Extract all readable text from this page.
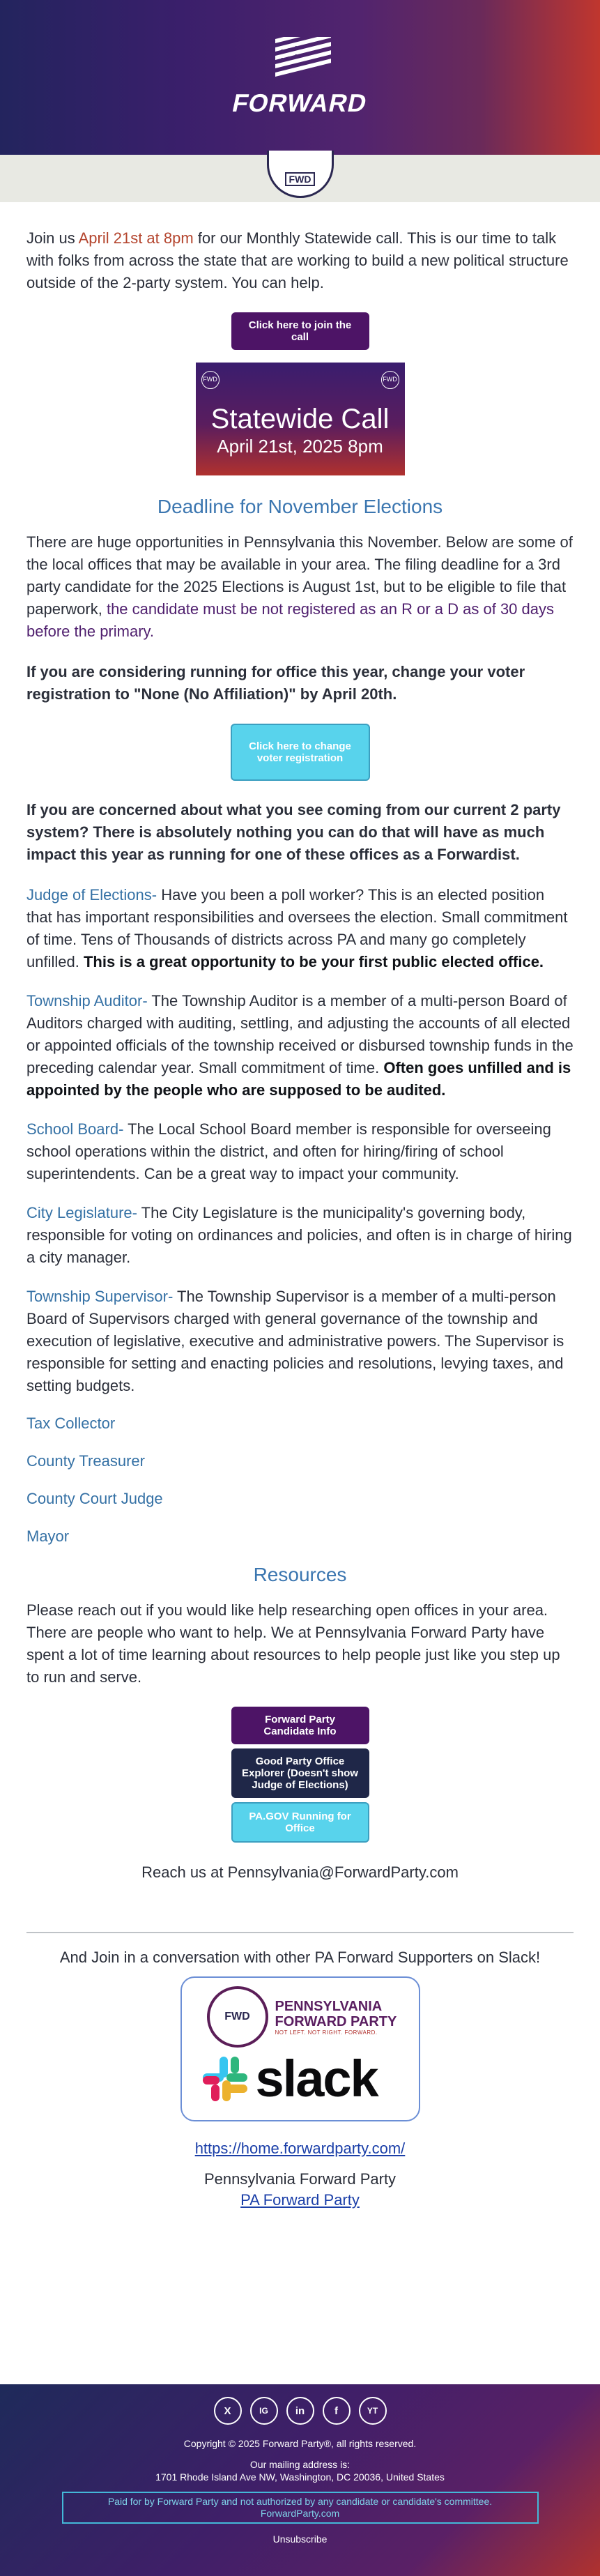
FORWARD
FWD

Join us April 21st at 8pm for our Monthly Statewide call. This is our time to talk with folks from across the state that are working to build a new political structure outside of the 2-party system. You can help.

Click here to join the call
FWD	FWD
Statewide Call
April 21st, 2025 8pm
Deadline for November Elections

There are huge opportunities in Pennsylvania this November. Below are some of the local offices that may be available in your area. The filing deadline for a 3rd party candidate for the 2025 Elections is August 1st, but to be eligible to file that paperwork, the candidate must be not registered as an R or a D as of 30 days before the primary.

If you are considering running for office this year, change your voter registration to "None (No Affiliation)" by April 20th.

Click here to change voter registration

If you are concerned about what you see coming from our current 2 party system? There is absolutely nothing you can do that will have as much impact this year as running for one of these offices as a Forwardist.

Judge of Elections- Have you been a poll worker? This is an elected position that has important responsibilities and oversees the election. Small commitment of time. Tens of Thousands of districts across PA and many go completely unfilled. This is a great opportunity to be your first public elected office.

Township Auditor- The Township Auditor is a member of a multi-person Board of Auditors charged with auditing, settling, and adjusting the accounts of all elected or appointed officials of the township received or disbursed township funds in the preceding calendar year. Small commitment of time. Often goes unfilled and is appointed by the people who are supposed to be audited.

School Board- The Local School Board member is responsible for overseeing school operations within the district, and often for hiring/firing of school superintendents. Can be a great way to impact your community.

City Legislature- The City Legislature is the municipality's governing body, responsible for voting on ordinances and policies, and often is in charge of hiring a city manager.

Township Supervisor- The Township Supervisor is a member of a multi-person Board of Supervisors charged with general governance of the township and execution of legislative, executive and administrative powers. The Supervisor is responsible for setting and enacting policies and resolutions, levying taxes, and setting budgets.

Tax Collector

County Treasurer

County Court Judge

Mayor

Resources

Please reach out if you would like help researching open offices in your area. There are people who want to help. We at Pennsylvania Forward Party have spent a lot of time learning about resources to help people just like you step up to run and serve.

Forward Party Candidate Info
Good Party Office Explorer (Doesn't show Judge of Elections)
PA.GOV Running for Office

Reach us at Pennsylvania@ForwardParty.com

And Join in a conversation with other PA Forward Supporters on Slack!

FWD
PENNSYLVANIA
FORWARD PARTY
NOT LEFT. NOT RIGHT. FORWARD.
slack

https://home.forwardparty.com/

Pennsylvania Forward Party

PA Forward Party

X	IG	in	f	YT

Copyright © 2025 Forward Party®, all rights reserved.

Our mailing address is:

1701 Rhode Island Ave NW, Washington, DC 20036, United States

Paid for by Forward Party and not authorized by any candidate or candidate's committee. ForwardParty.com

Unsubscribe
